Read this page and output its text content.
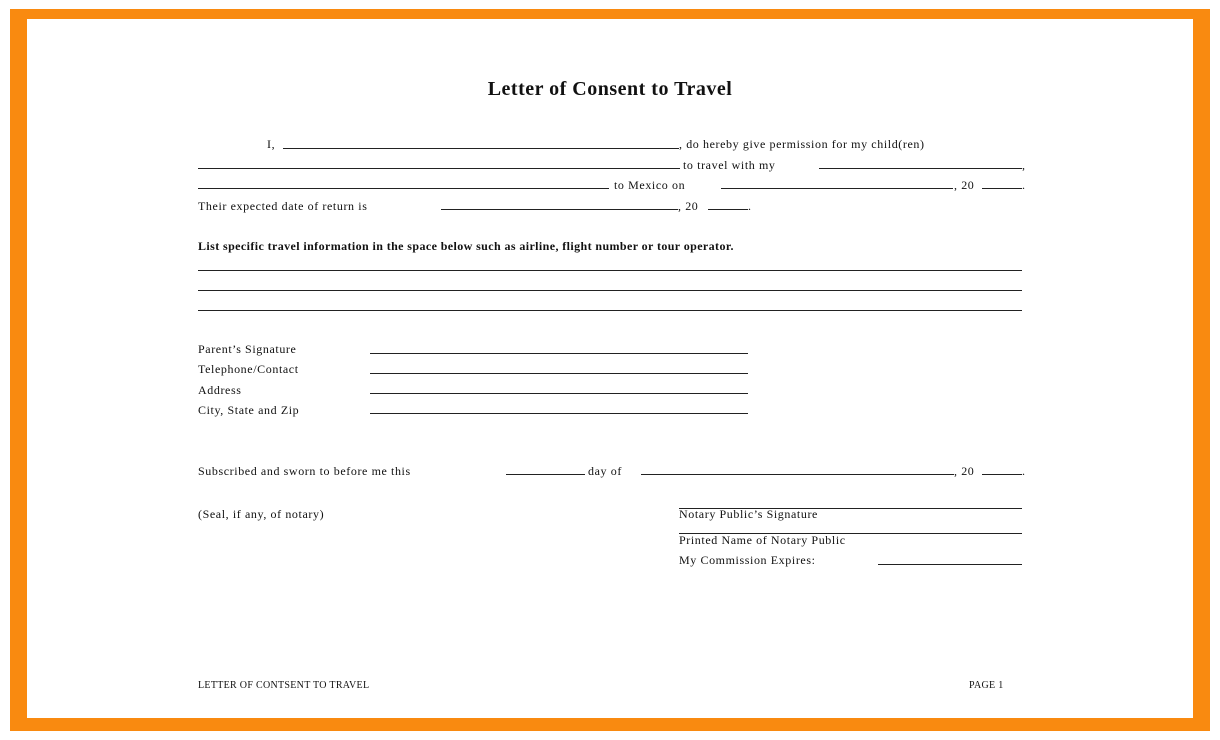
Letter of Consent to Travel
I,	, do hereby give permission for my child(ren)
to travel with my	,
to Mexico on	, 20	.
Their expected date of return is	, 20	.
List specific travel information in the space below such as airline, flight number or tour operator.
Parent’s Signature
Telephone/Contact
Address
City, State and Zip
Subscribed and sworn to before me this	day of	, 20	.
(Seal, if any, of notary)	Notary Public’s Signature
Printed Name of Notary Public
My Commission Expires:
LETTER OF CONTSENT TO TRAVEL	PAGE 1
